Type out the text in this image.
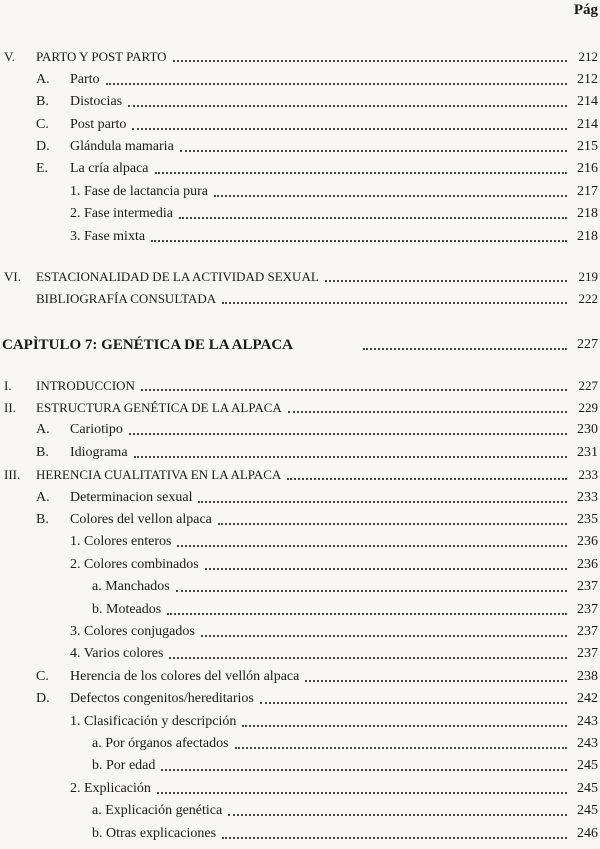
Pág
V.	PARTO Y POST PARTO	212
A.	Parto	212
B.	Distocias	214
C.	Post parto	214
D.	Glándula mamaria	215
E.	La cría alpaca	216
1. Fase de lactancia pura	217
2. Fase intermedia	218
3. Fase mixta	218
VI.	ESTACIONALIDAD DE LA ACTIVIDAD SEXUAL	219
BIBLIOGRAFÍA CONSULTADA	222
CAPÌTULO 7: GENÉTICA DE LA ALPACA	227
I.	INTRODUCCION	227
II.	ESTRUCTURA GENÉTICA DE LA ALPACA	229
A.	Cariotipo	230
B.	Idiograma	231
III.	HERENCIA CUALITATIVA EN LA ALPACA	233
A.	Determinacion sexual	233
B.	Colores del vellon alpaca	235
1. Colores enteros	236
2. Colores combinados	236
a. Manchados	237
b. Moteados	237
3. Colores conjugados	237
4. Varios colores	237
C.	Herencia de los colores del vellón alpaca	238
D.	Defectos congenitos/hereditarios	242
1. Clasificación y descripción	243
a. Por órganos afectados	243
b. Por edad	245
2. Explicación	245
a. Explicación genética	245
b. Otras explicaciones	246
